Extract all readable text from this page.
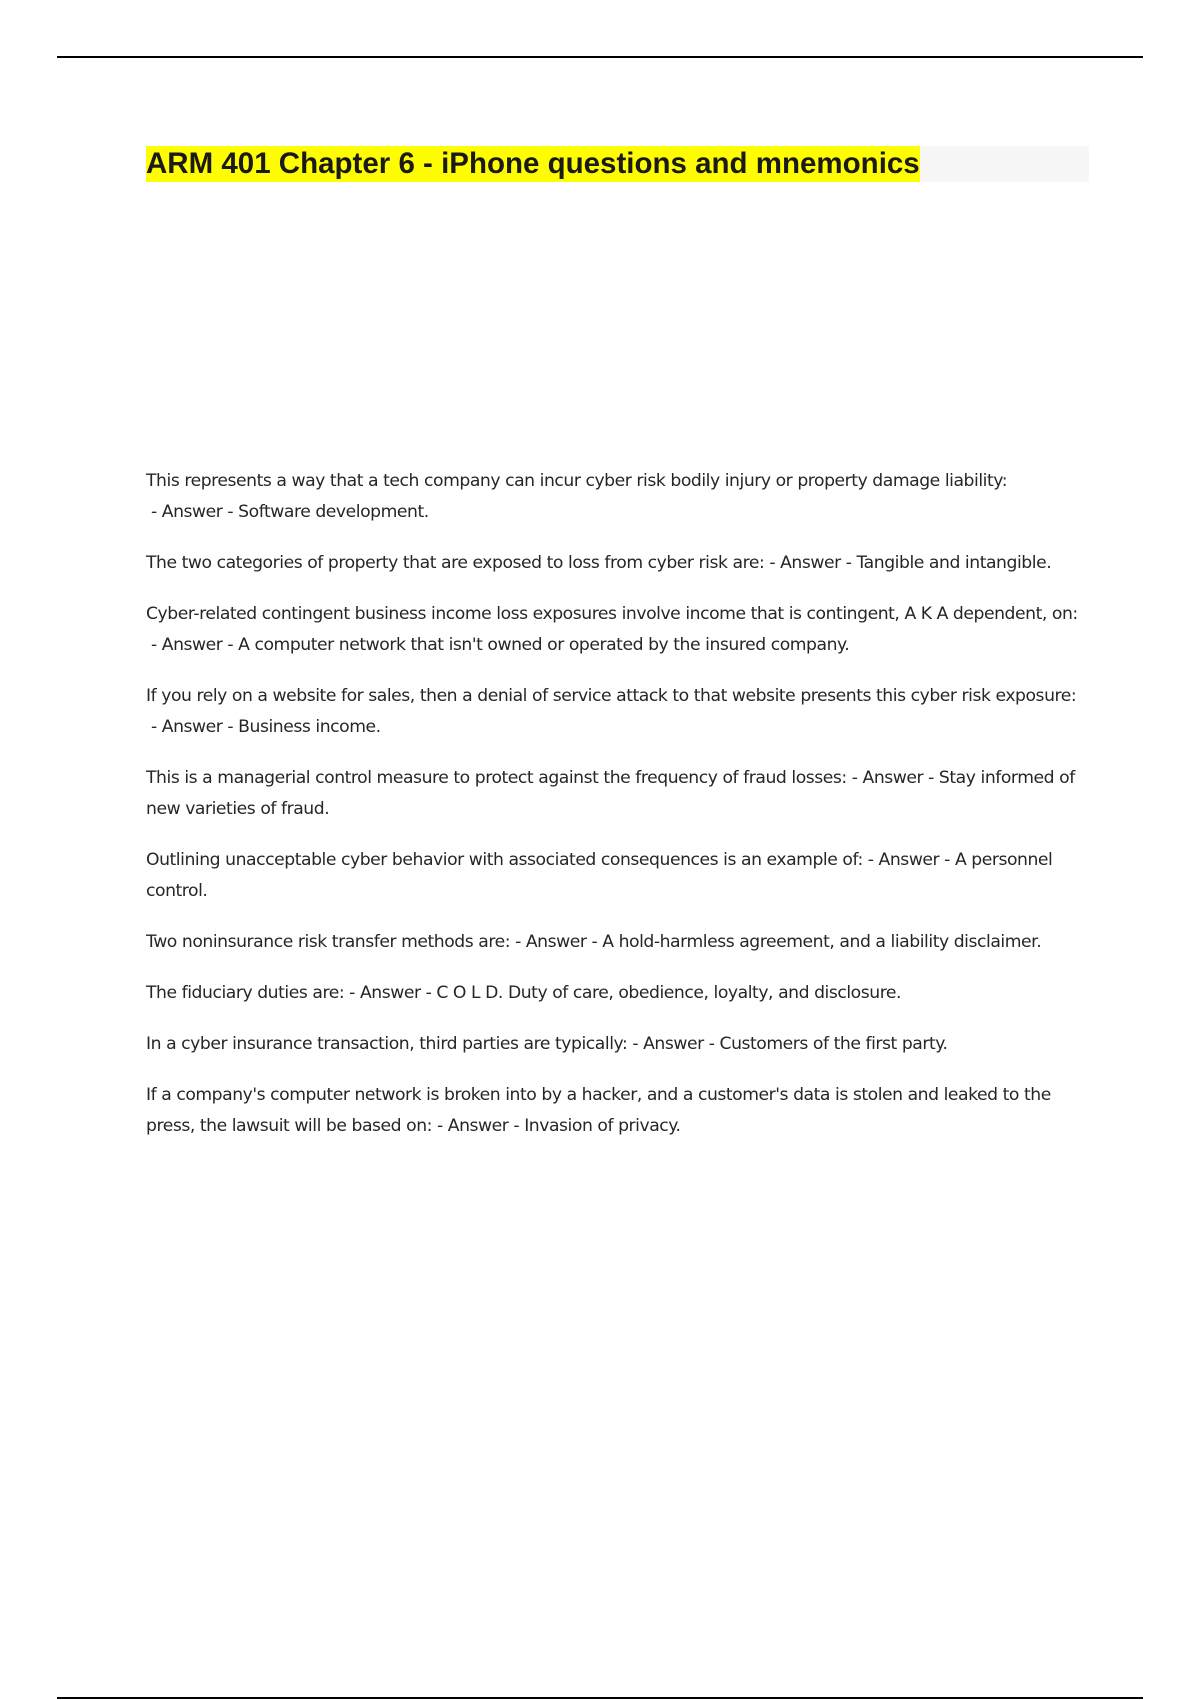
ARM 401 Chapter 6 - iPhone questions and mnemonics

This represents a way that a tech company can incur cyber risk bodily injury or property damage liability: - Answer - Software development.

The two categories of property that are exposed to loss from cyber risk are: - Answer - Tangible and intangible.

Cyber-related contingent business income loss exposures involve income that is contingent, A K A dependent, on: - Answer - A computer network that isn't owned or operated by the insured company.

If you rely on a website for sales, then a denial of service attack to that website presents this cyber risk exposure: - Answer - Business income.

This is a managerial control measure to protect against the frequency of fraud losses: - Answer - Stay informed of new varieties of fraud.

Outlining unacceptable cyber behavior with associated consequences is an example of: - Answer - A personnel control.

Two noninsurance risk transfer methods are: - Answer - A hold-harmless agreement, and a liability disclaimer.

The fiduciary duties are: - Answer - C O L D. Duty of care, obedience, loyalty, and disclosure.

In a cyber insurance transaction, third parties are typically: - Answer - Customers of the first party.

If a company's computer network is broken into by a hacker, and a customer's data is stolen and leaked to the press, the lawsuit will be based on: - Answer - Invasion of privacy.
